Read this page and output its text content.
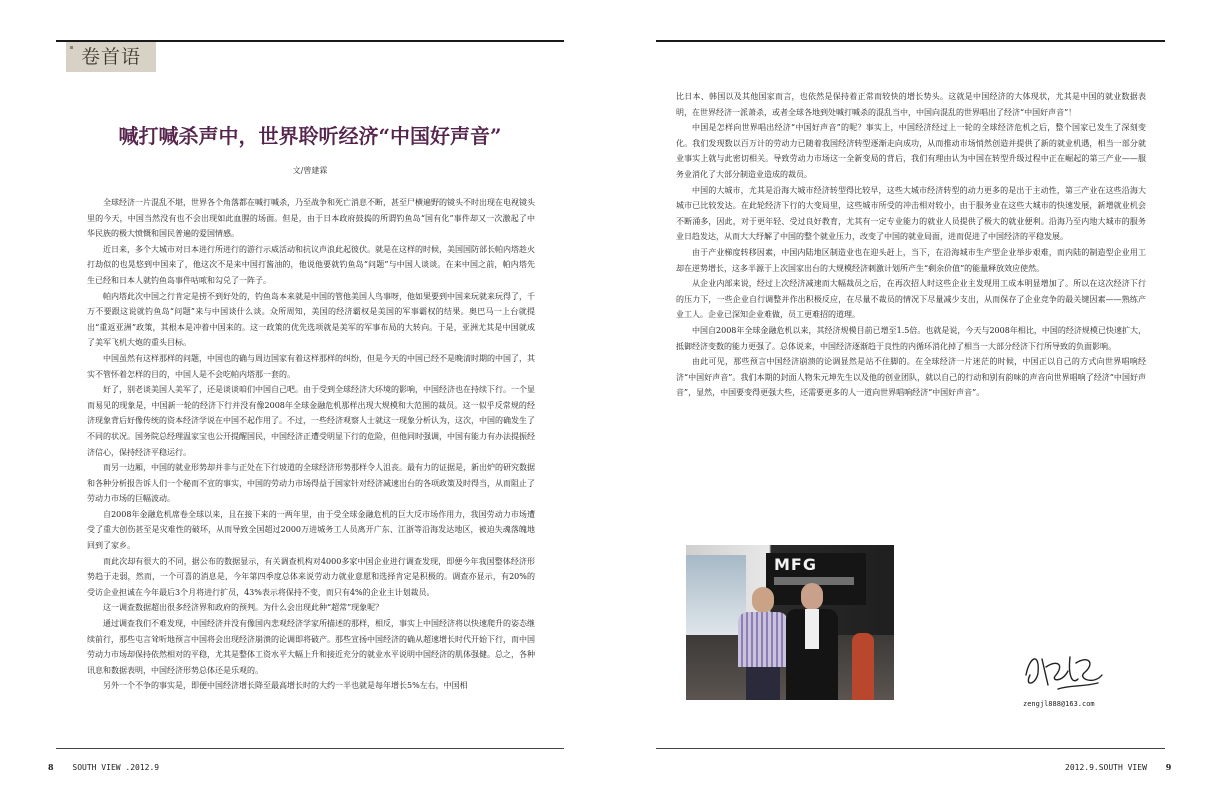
卷首语
喊打喊杀声中，世界聆听经济“中国好声音”
文/曾建霖

全球经济一片混乱不堪，世界各个角落都在喊打喊杀，乃至战争和死亡消息不断，甚至尸横遍野的镜头不时出现在电视镜头里的今天，中国当然没有也不会出现如此血腥的场面。但是，由于日本政府鼓捣的所谓钓鱼岛“国有化”事件却又一次激起了中华民族的极大愤慨和国民普遍的爱国情感。

近日来，多个大城市对日本进行所进行的游行示威活动和抗议声浪此起彼伏。就是在这样的时候，美国国防部长帕内塔趁火打劫似的也晃悠到中国来了，他这次不是来中国打酱油的，他说他要就钓鱼岛“问题”与中国人谈谈。在来中国之前，帕内塔先生已经和日本人就钓鱼岛事件咕哝和勾兑了一阵子。

帕内塔此次中国之行肯定是捞不到好处的，钓鱼岛本来就是中国的管他美国人鸟事呀，他如果要到中国来玩就来玩得了，千万不要跟这说就钓鱼岛“问题”来与中国谈什么谈。众所周知，美国的经济霸权是美国的军事霸权的结果。奥巴马一上台就提出“重返亚洲”政策，其根本是冲着中国来的。这一政策的优先选项就是美军的军事布局的大转向。于是，亚洲尤其是中国就成了美军飞机大炮的重头目标。

中国虽然有这样那样的问题，中国也的确与周边国家有着这样那样的纠纷，但是今天的中国已经不是晚清时期的中国了，其实不管怀着怎样的目的，中国人是不会吃帕内塔那一套的。

好了，别老谈美国人美军了，还是谈谈咱们中国自己吧。由于受到全球经济大环境的影响，中国经济也在持续下行。一个显而易见的现象是，中国新一轮的经济下行并没有像2008年全球金融危机那样出现大规模和大范围的裁员。这一似乎反常规的经济现象背后好像传统的资本经济学说在中国不起作用了。不过，一些经济观察人士就这一现象分析认为，这次，中国的确发生了不同的状况。国务院总经理温家宝也公开提醒国民，中国经济正遭受明显下行的危险，但他同时强调，中国有能力有办法提振经济信心，保持经济平稳运行。

而另一边厢，中国的就业形势却并非与正处在下行坡道的全球经济形势那样令人沮丧。最有力的证据是，新出炉的研究数据和各种分析报告诉人们一个秘而不宣的事实，中国的劳动力市场得益于国家针对经济减速出台的各项政策及时得当，从而阻止了劳动力市场的巨幅波动。

自2008年金融危机席卷全球以来，且在接下来的一两年里，由于受全球金融危机的巨大反市场作用力，我国劳动力市场遭受了重大创伤甚至是灾难性的破坏，从而导致全国超过2000万进城务工人员离开广东、江浙等沿海发达地区，被迫失魂落魄地回到了家乡。

而此次却有很大的不同，据公布的数据显示，有关调查机构对4000多家中国企业进行调查发现，即便今年我国整体经济形势趋于走弱，然而，一个可喜的消息是，今年第四季度总体来说劳动力就业意愿和选择肯定是积极的。调查亦显示，有20%的受访企业担诚在今年最后3个月将进行扩员，43%表示将保持不变，而只有4%的企业主计划裁员。

这一调查数据超出很多经济界和政府的预判。为什么会出现此种“超常”现象呢？

通过调查我们不难发现，中国经济并没有像国内悲观经济学家所描述的那样，相反，事实上中国经济将以快速爬升的姿态继续前行，那些屯言耸听地预言中国将会出现经济崩溃的论调即将破产。那些宣扬中国经济的确从超速增长时代开始下行，而中国劳动力市场却保持依然相对的平稳，尤其是整体工资水平大幅上升和接近充分的就业水平说明中国经济的肌体强健。总之，各种讯息和数据表明，中国经济形势总体还是乐观的。

另外一个不争的事实是，即便中国经济增长降至最高增长时的大约一半也就是每年增长5%左右，中国相

8 SOUTH VIEW .2012.9

比日本、韩国以及其他国家而言，也依然是保持着正常而较快的增长势头。这就是中国经济的大体现状，尤其是中国的就业数据表明，在世界经济一派萧杀，或者全球各地到处喊打喊杀的混乱当中，中国向混乱的世界唱出了经济“中国好声音”！

中国是怎样向世界唱出经济“中国好声音”的呢？事实上，中国经济经过上一轮的全球经济危机之后，整个国家已发生了深刻变化。我们发现数以百万计的劳动力已随着我国经济转型逐渐走向成功，从而推动市场悄然创造并提供了新的就业机遇，相当一部分就业事实上就与此密切相关。导致劳动力市场这一全新变局的背后，我们有理由认为中国在转型升级过程中正在崛起的第三产业——服务业消化了大部分制造业造成的裁员。

中国的大城市，尤其是沿海大城市经济转型得比较早，这些大城市经济转型的动力更多的是出于主动性，第三产业在这些沿海大城市已比较发达。在此轮经济下行的大变局里，这些城市所受的冲击相对较小，由于服务业在这些大城市的快速发展，新增就业机会不断涌多，因此，对于更年轻、受过良好教育，尤其有一定专业能力的就业人员提供了极大的就业便利。沿海乃至内地大城市的服务业日趋发达，从而大大纾解了中国的整个就业压力，改变了中国的就业局面，进而促进了中国经济的平稳发展。

由于产业梯度转移因素，中国内陆地区制造业也在迎头赶上，当下，在沿海城市生产型企业举步艰难，而内陆的制造型企业用工却在逆势增长，这多半源于上次国家出台的大规模经济刺激计划所产生“剩余价值”的能量释放效应使然。

从企业内部来说，经过上次经济减速而大幅裁员之后，在再次招人时这些企业主发现用工成本明显增加了。所以在这次经济下行的压力下，一些企业自行调整并作出积极反应，在尽量不裁员的情况下尽量减少支出，从而保存了企业竞争的最关键因素——熟练产业工人。企业已深知企业难做，员工更难招的道理。

中国自2008年全球金融危机以来，其经济规模目前已增至1.5倍。也就是说，今天与2008年相比，中国的经济规模已快速扩大，抵御经济变数的能力更强了。总体说来，中国经济逐渐趋于良性的内循环消化掉了相当一大部分经济下行所导致的负面影响。

由此可见，那些预言中国经济崩溃的论调显然是站不住脚的。在全球经济一片迷茫的时候，中国正以自己的方式向世界唱响经济“中国好声音”。我们本期的封面人物朱元坤先生以及他的创业团队，就以自己的行动和别有韵味的声音向世界唱响了经济“中国好声音”，显然，中国要变得更强大些，还需要更多的人一道向世界唱响经济“中国好声音”。

MFG
zengjl888@163.com
2012.9.SOUTH VIEW 9
